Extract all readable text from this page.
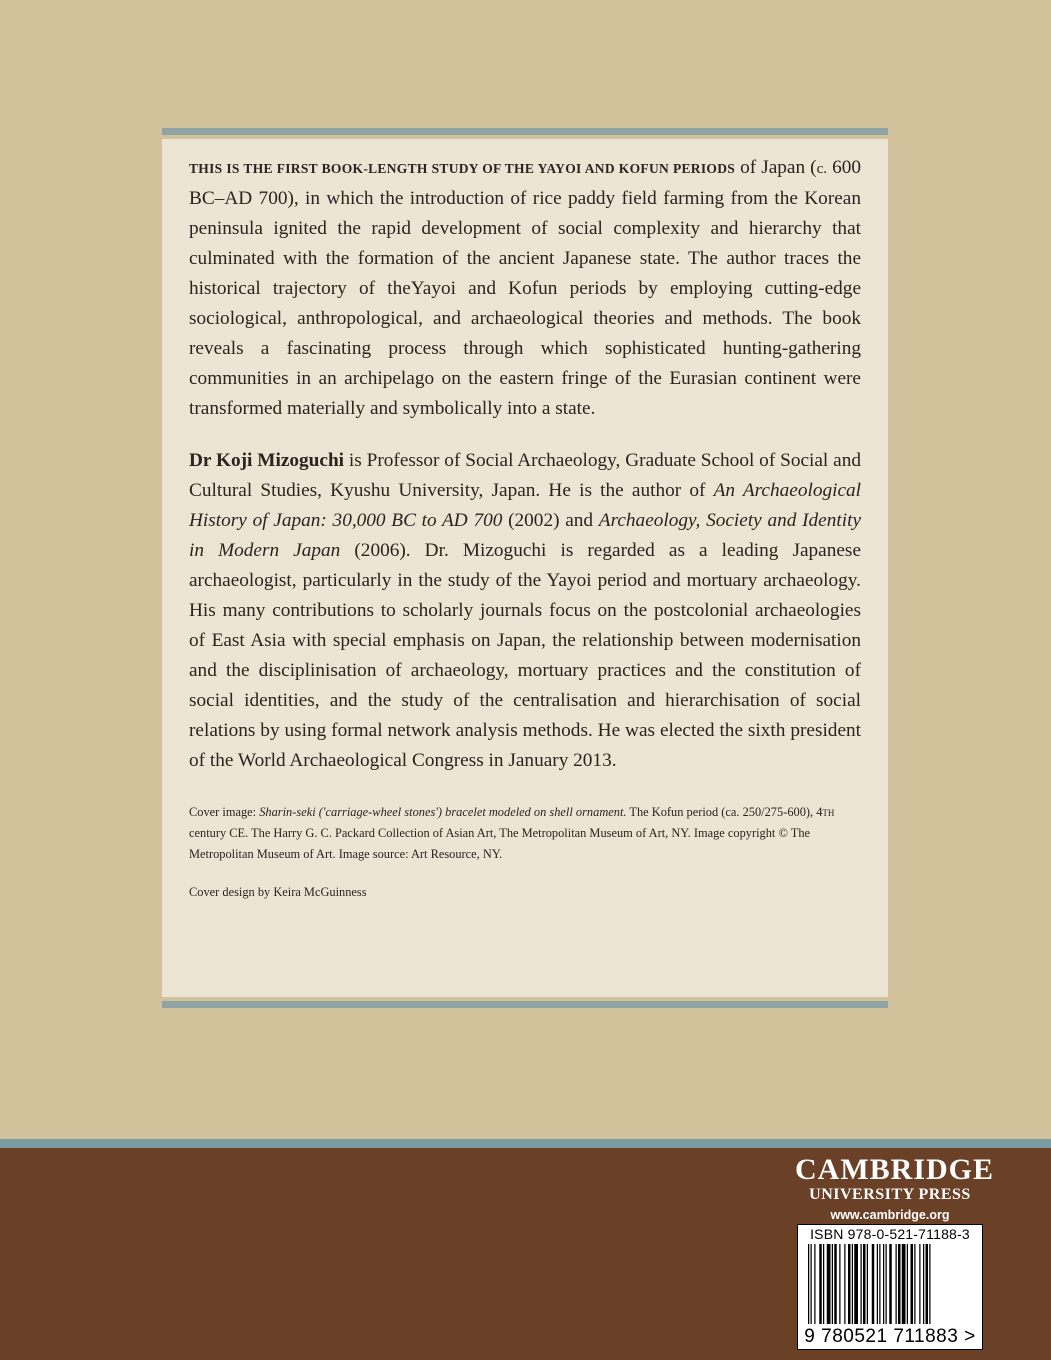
THIS IS THE FIRST BOOK-LENGTH STUDY OF THE YAYOI AND KOFUN PERIODS of Japan (c. 600 BC–AD 700), in which the introduction of rice paddy field farming from the Korean peninsula ignited the rapid development of social complexity and hierarchy that culminated with the formation of the ancient Japanese state. The author traces the historical trajectory of theYayoi and Kofun periods by employing cutting-edge sociological, anthropological, and archaeological theories and methods. The book reveals a fascinating process through which sophisticated hunting-gathering communities in an archipelago on the eastern fringe of the Eurasian continent were transformed materially and symbolically into a state.

Dr Koji Mizoguchi is Professor of Social Archaeology, Graduate School of Social and Cultural Studies, Kyushu University, Japan. He is the author of An Archaeological History of Japan: 30,000 BC to AD 700 (2002) and Archaeology, Society and Identity in Modern Japan (2006). Dr. Mizoguchi is regarded as a leading Japanese archaeologist, particularly in the study of the Yayoi period and mortuary archaeology. His many contributions to scholarly journals focus on the postcolonial archaeologies of East Asia with special emphasis on Japan, the relationship between modernisation and the disciplinisation of archaeology, mortuary practices and the constitution of social identities, and the study of the centralisation and hierarchisation of social relations by using formal network analysis methods. He was elected the sixth president of the World Archaeological Congress in January 2013.

Cover image: Sharin-seki ('carriage-wheel stones') bracelet modeled on shell ornament. The Kofun period (ca. 250/275-600), 4th century CE. The Harry G. C. Packard Collection of Asian Art, The Metropolitan Museum of Art, NY. Image copyright © The Metropolitan Museum of Art. Image source: Art Resource, NY.

Cover design by Keira McGuinness

CAMBRIDGE
UNIVERSITY PRESS
www.cambridge.org
ISBN 978-0-521-71188-3
9 780521 711883 >
